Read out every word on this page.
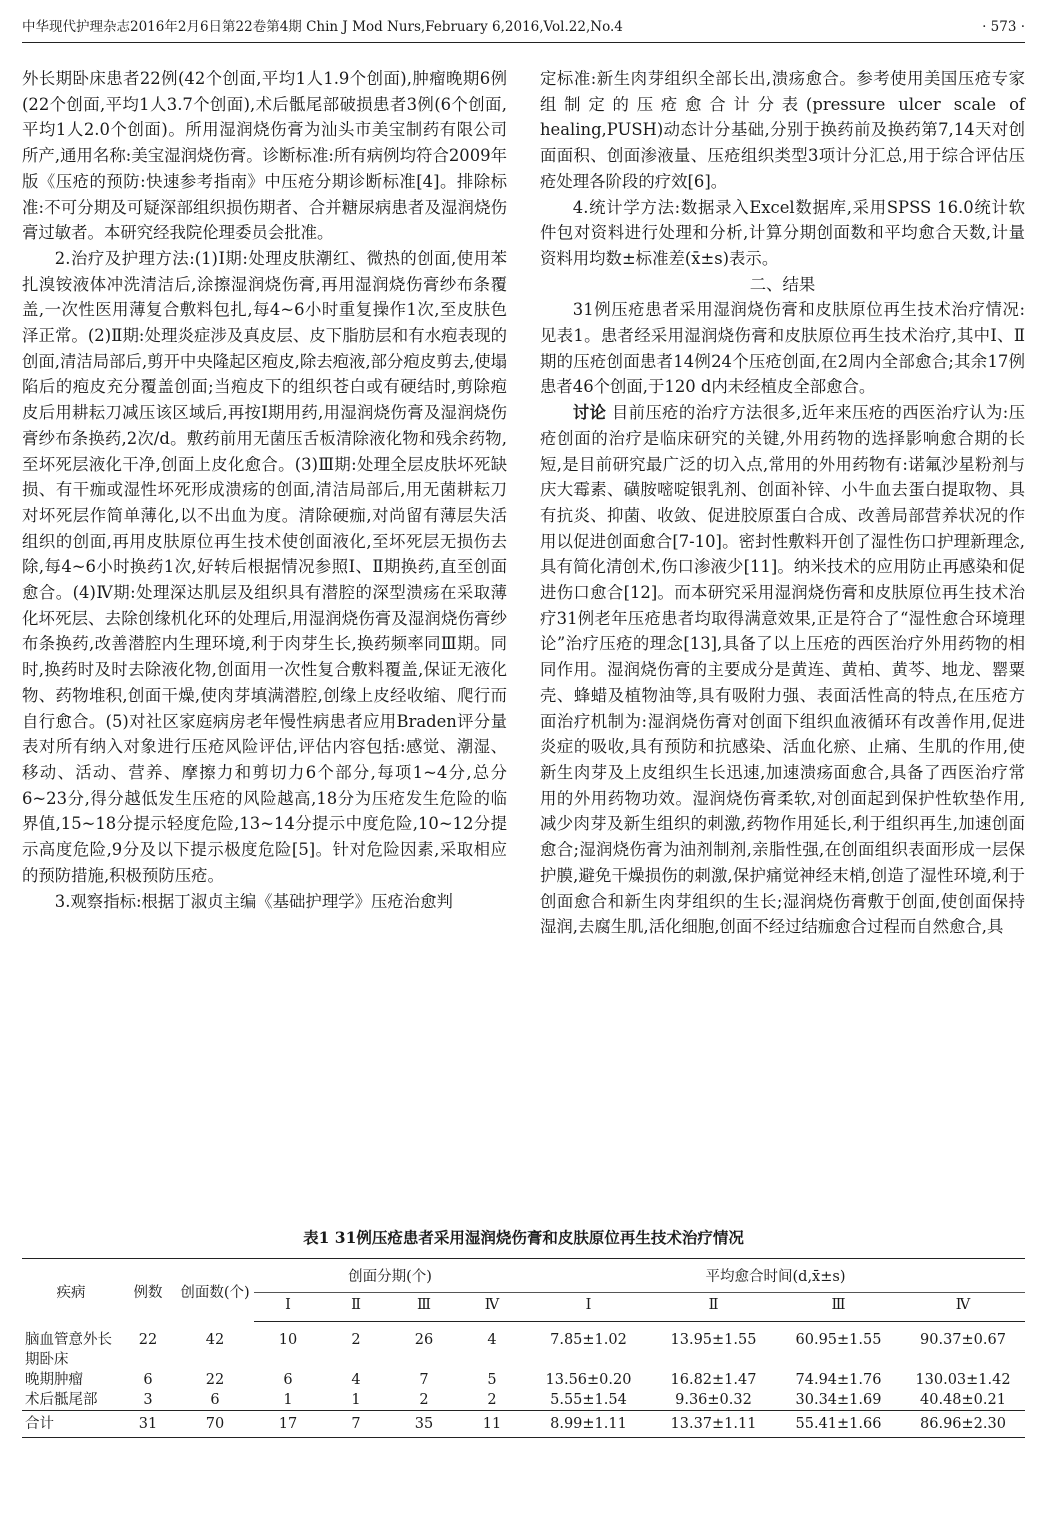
中华现代护理杂志2016年2月6日第22卷第4期 Chin J Mod Nurs,February 6,2016,Vol.22,No.4	· 573 ·

外长期卧床患者22例(42个创面,平均1人1.9个创面),肿瘤晚期6例(22个创面,平均1人3.7个创面),术后骶尾部破损患者3例(6个创面,平均1人2.0个创面)。所用湿润烧伤膏为汕头市美宝制药有限公司所产,通用名称:美宝湿润烧伤膏。诊断标准:所有病例均符合2009年版《压疮的预防:快速参考指南》中压疮分期诊断标准[4]。排除标准:不可分期及可疑深部组织损伤期者、合并糖尿病患者及湿润烧伤膏过敏者。本研究经我院伦理委员会批准。

2.治疗及护理方法:(1)Ⅰ期:处理皮肤潮红、微热的创面,使用苯扎溴铵液体冲洗清洁后,涂擦湿润烧伤膏,再用湿润烧伤膏纱布条覆盖,一次性医用薄复合敷料包扎,每4~6小时重复操作1次,至皮肤色泽正常。(2)Ⅱ期:处理炎症涉及真皮层、皮下脂肪层和有水疱表现的创面,清洁局部后,剪开中央隆起区疱皮,除去疱液,部分疱皮剪去,使塌陷后的疱皮充分覆盖创面;当疱皮下的组织苍白或有硬结时,剪除疱皮后用耕耘刀减压该区域后,再按Ⅰ期用药,用湿润烧伤膏及湿润烧伤膏纱布条换药,2次/d。敷药前用无菌压舌板清除液化物和残余药物,至坏死层液化干净,创面上皮化愈合。(3)Ⅲ期:处理全层皮肤坏死缺损、有干痂或湿性坏死形成溃疡的创面,清洁局部后,用无菌耕耘刀对坏死层作简单薄化,以不出血为度。清除硬痂,对尚留有薄层失活组织的创面,再用皮肤原位再生技术使创面液化,至坏死层无损伤去除,每4~6小时换药1次,好转后根据情况参照Ⅰ、Ⅱ期换药,直至创面愈合。(4)Ⅳ期:处理深达肌层及组织具有潜腔的深型溃疡在采取薄化坏死层、去除创缘机化环的处理后,用湿润烧伤膏及湿润烧伤膏纱布条换药,改善潜腔内生理环境,利于肉芽生长,换药频率同Ⅲ期。同时,换药时及时去除液化物,创面用一次性复合敷料覆盖,保证无液化物、药物堆积,创面干燥,使肉芽填满潜腔,创缘上皮经收缩、爬行而自行愈合。(5)对社区家庭病房老年慢性病患者应用Braden评分量表对所有纳入对象进行压疮风险评估,评估内容包括:感觉、潮湿、移动、活动、营养、摩擦力和剪切力6个部分,每项1~4分,总分6~23分,得分越低发生压疮的风险越高,18分为压疮发生危险的临界值,15~18分提示轻度危险,13~14分提示中度危险,10~12分提示高度危险,9分及以下提示极度危险[5]。针对危险因素,采取相应的预防措施,积极预防压疮。

3.观察指标:根据丁淑贞主编《基础护理学》压疮治愈判

定标准:新生肉芽组织全部长出,溃疡愈合。参考使用美国压疮专家组制定的压疮愈合计分表(pressure ulcer scale of healing,PUSH)动态计分基础,分别于换药前及换药第7,14天对创面面积、创面渗液量、压疮组织类型3项计分汇总,用于综合评估压疮处理各阶段的疗效[6]。

4.统计学方法:数据录入Excel数据库,采用SPSS 16.0统计软件包对资料进行处理和分析,计算分期创面数和平均愈合天数,计量资料用均数±标准差(x̄±s)表示。

二、结果

31例压疮患者采用湿润烧伤膏和皮肤原位再生技术治疗情况:见表1。患者经采用湿润烧伤膏和皮肤原位再生技术治疗,其中Ⅰ、Ⅱ期的压疮创面患者14例24个压疮创面,在2周内全部愈合;其余17例患者46个创面,于120 d内未经植皮全部愈合。

讨论 目前压疮的治疗方法很多,近年来压疮的西医治疗认为:压疮创面的治疗是临床研究的关键,外用药物的选择影响愈合期的长短,是目前研究最广泛的切入点,常用的外用药物有:诺氟沙星粉剂与庆大霉素、磺胺嘧啶银乳剂、创面补锌、小牛血去蛋白提取物、具有抗炎、抑菌、收敛、促进胶原蛋白合成、改善局部营养状况的作用以促进创面愈合[7-10]。密封性敷料开创了湿性伤口护理新理念,具有简化清创术,伤口渗液少[11]。纳米技术的应用防止再感染和促进伤口愈合[12]。而本研究采用湿润烧伤膏和皮肤原位再生技术治疗31例老年压疮患者均取得满意效果,正是符合了“湿性愈合环境理论”治疗压疮的理念[13],具备了以上压疮的西医治疗外用药物的相同作用。湿润烧伤膏的主要成分是黄连、黄柏、黄芩、地龙、罂粟壳、蜂蜡及植物油等,具有吸附力强、表面活性高的特点,在压疮方面治疗机制为:湿润烧伤膏对创面下组织血液循环有改善作用,促进炎症的吸收,具有预防和抗感染、活血化瘀、止痛、生肌的作用,使新生肉芽及上皮组织生长迅速,加速溃疡面愈合,具备了西医治疗常用的外用药物功效。湿润烧伤膏柔软,对创面起到保护性软垫作用,减少肉芽及新生组织的刺激,药物作用延长,利于组织再生,加速创面愈合;湿润烧伤膏为油剂制剂,亲脂性强,在创面组织表面形成一层保护膜,避免干燥损伤的刺激,保护痛觉神经末梢,创造了湿性环境,利于创面愈合和新生肉芽组织的生长;湿润烧伤膏敷于创面,使创面保持湿润,去腐生肌,活化细胞,创面不经过结痂愈合过程而自然愈合,具

表1 31例压疮患者采用湿润烧伤膏和皮肤原位再生技术治疗情况
疾病	例数	创面数(个)	创面分期(个)				平均愈合时间(d,x̄±s)			
			Ⅰ	Ⅱ	Ⅲ	Ⅳ	Ⅰ	Ⅱ	Ⅲ	Ⅳ
脑血管意外长期卧床	22	42	10	2	26	4	7.85±1.02	13.95±1.55	60.95±1.55	90.37±0.67
晚期肿瘤	6	22	6	4	7	5	13.56±0.20	16.82±1.47	74.94±1.76	130.03±1.42
术后骶尾部	3	6	1	1	2	2	5.55±1.54	9.36±0.32	30.34±1.69	40.48±0.21
合计	31	70	17	7	35	11	8.99±1.11	13.37±1.11	55.41±1.66	86.96±2.30
